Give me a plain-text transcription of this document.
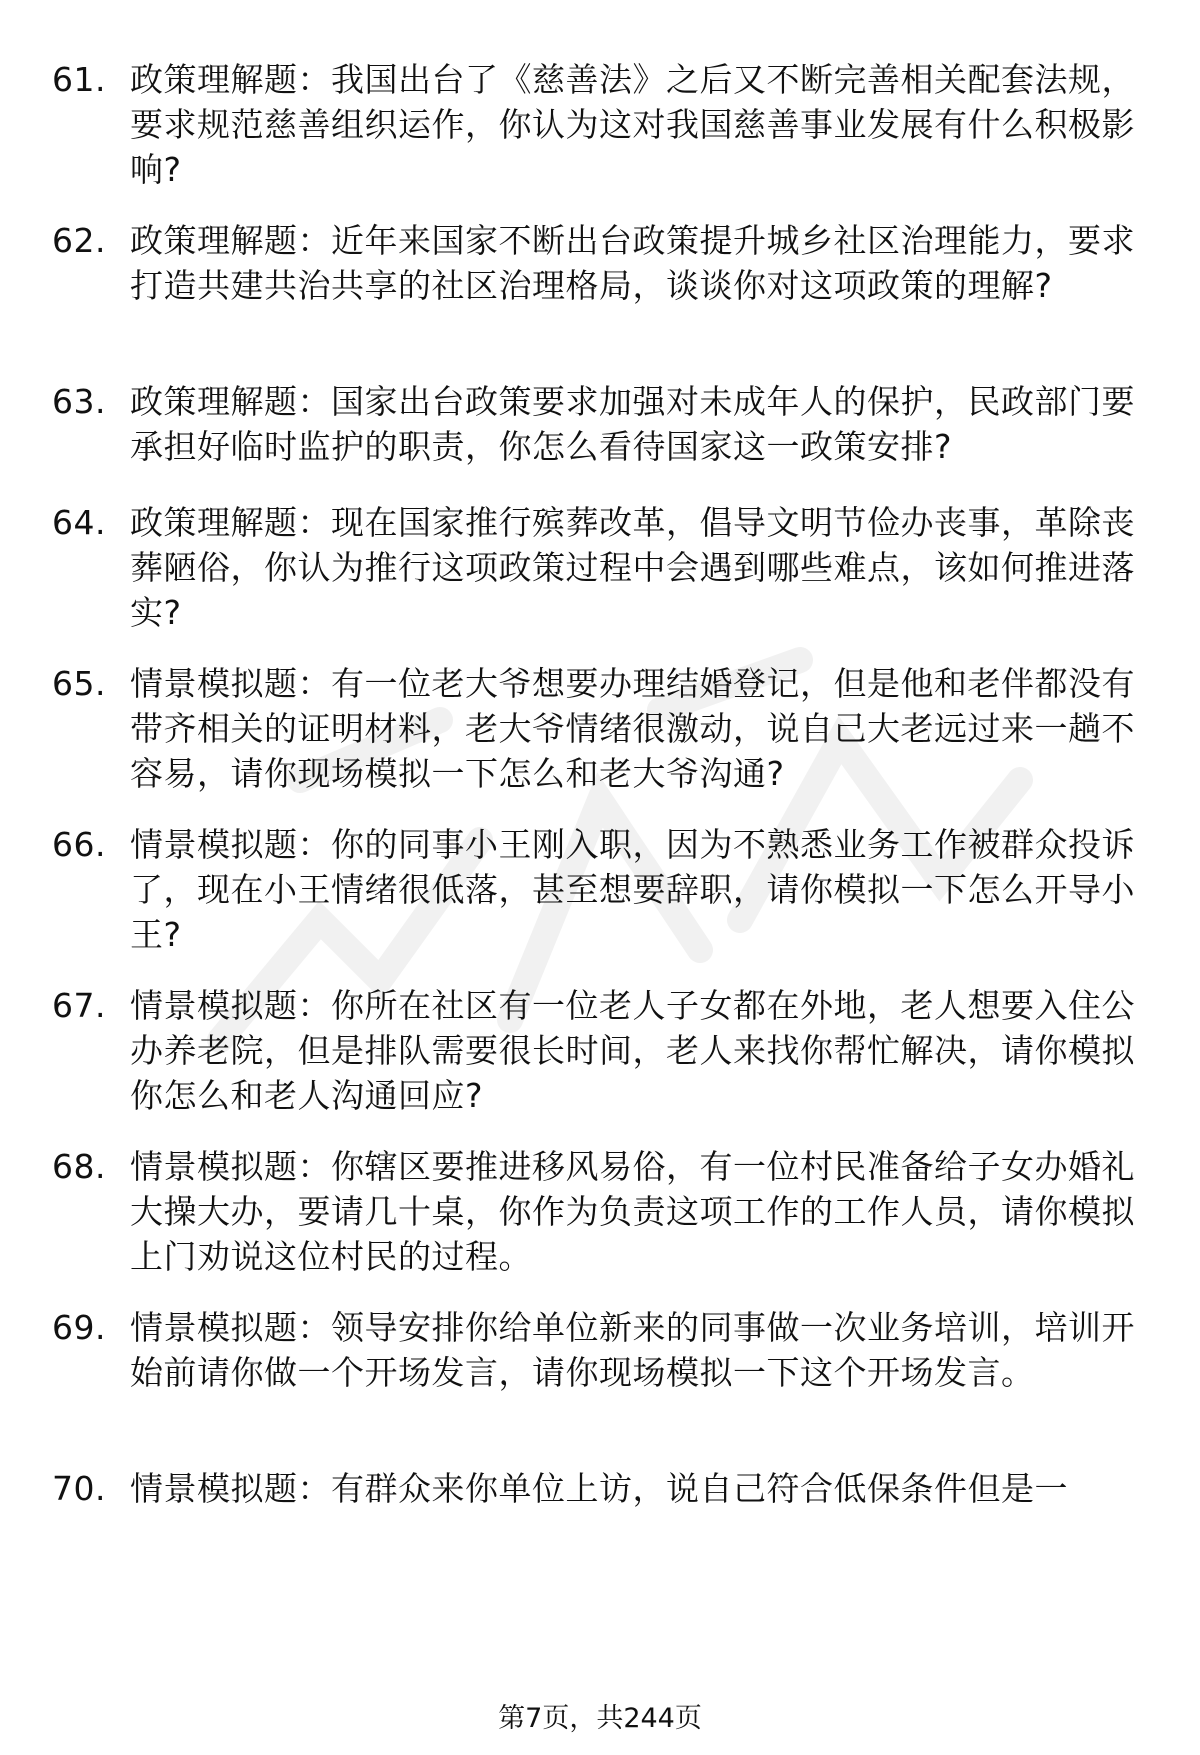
61. 政策理解题：我国出台了《慈善法》之后又不断完善相关配套法规，要求规范慈善组织运作，你认为这对我国慈善事业发展有什么积极影响?
62. 政策理解题：近年来国家不断出台政策提升城乡社区治理能力，要求打造共建共治共享的社区治理格局，谈谈你对这项政策的理解?
63. 政策理解题：国家出台政策要求加强对未成年人的保护，民政部门要承担好临时监护的职责，你怎么看待国家这一政策安排?
64. 政策理解题：现在国家推行殡葬改革，倡导文明节俭办丧事，革除丧葬陋俗，你认为推行这项政策过程中会遇到哪些难点，该如何推进落实?
65. 情景模拟题：有一位老大爷想要办理结婚登记，但是他和老伴都没有带齐相关的证明材料，老大爷情绪很激动，说自己大老远过来一趟不容易，请你现场模拟一下怎么和老大爷沟通?
66. 情景模拟题：你的同事小王刚入职，因为不熟悉业务工作被群众投诉了，现在小王情绪很低落，甚至想要辞职，请你模拟一下怎么开导小王?
67. 情景模拟题：你所在社区有一位老人子女都在外地，老人想要入住公办养老院，但是排队需要很长时间，老人来找你帮忙解决，请你模拟你怎么和老人沟通回应?
68. 情景模拟题：你辖区要推进移风易俗，有一位村民准备给子女办婚礼大操大办，要请几十桌，你作为负责这项工作的工作人员，请你模拟上门劝说这位村民的过程。
69. 情景模拟题：领导安排你给单位新来的同事做一次业务培训，培训开始前请你做一个开场发言，请你现场模拟一下这个开场发言。
70. 情景模拟题：有群众来你单位上访，说自己符合低保条件但是一
第7页，共244页
